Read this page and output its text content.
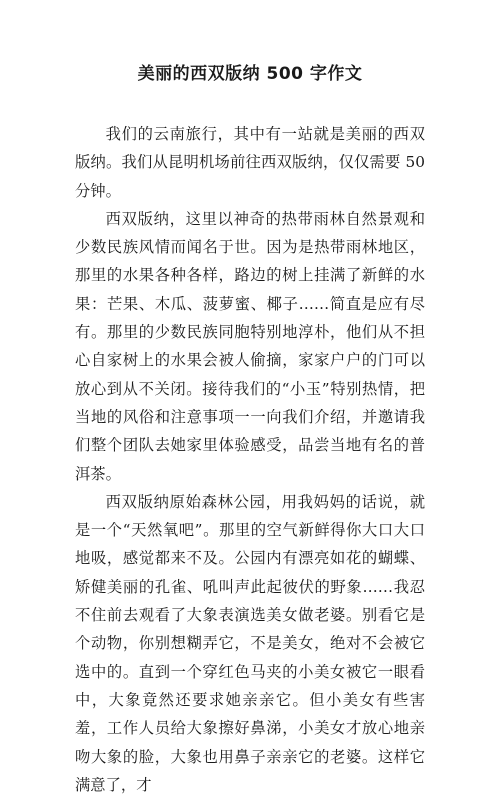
美丽的西双版纳 500 字作文

我们的云南旅行，其中有一站就是美丽的西双版纳。我们从昆明机场前往西双版纳，仅仅需要 50 分钟。

西双版纳，这里以神奇的热带雨林自然景观和少数民族风情而闻名于世。因为是热带雨林地区，那里的水果各种各样，路边的树上挂满了新鲜的水果：芒果、木瓜、菠萝蜜、椰子……简直是应有尽有。那里的少数民族同胞特别地淳朴，他们从不担心自家树上的水果会被人偷摘，家家户户的门可以放心到从不关闭。接待我们的“小玉”特别热情，把当地的风俗和注意事项一一向我们介绍，并邀请我们整个团队去她家里体验感受，品尝当地有名的普洱茶。

西双版纳原始森林公园，用我妈妈的话说，就是一个“天然氧吧”。那里的空气新鲜得你大口大口地吸，感觉都来不及。公园内有漂亮如花的蝴蝶、矫健美丽的孔雀、吼叫声此起彼伏的野象……我忍不住前去观看了大象表演选美女做老婆。别看它是个动物，你别想糊弄它，不是美女，绝对不会被它选中的。直到一个穿红色马夹的小美女被它一眼看中，大象竟然还要求她亲亲它。但小美女有些害羞，工作人员给大象擦好鼻涕，小美女才放心地亲吻大象的脸，大象也用鼻子亲亲它的老婆。这样它满意了，才
